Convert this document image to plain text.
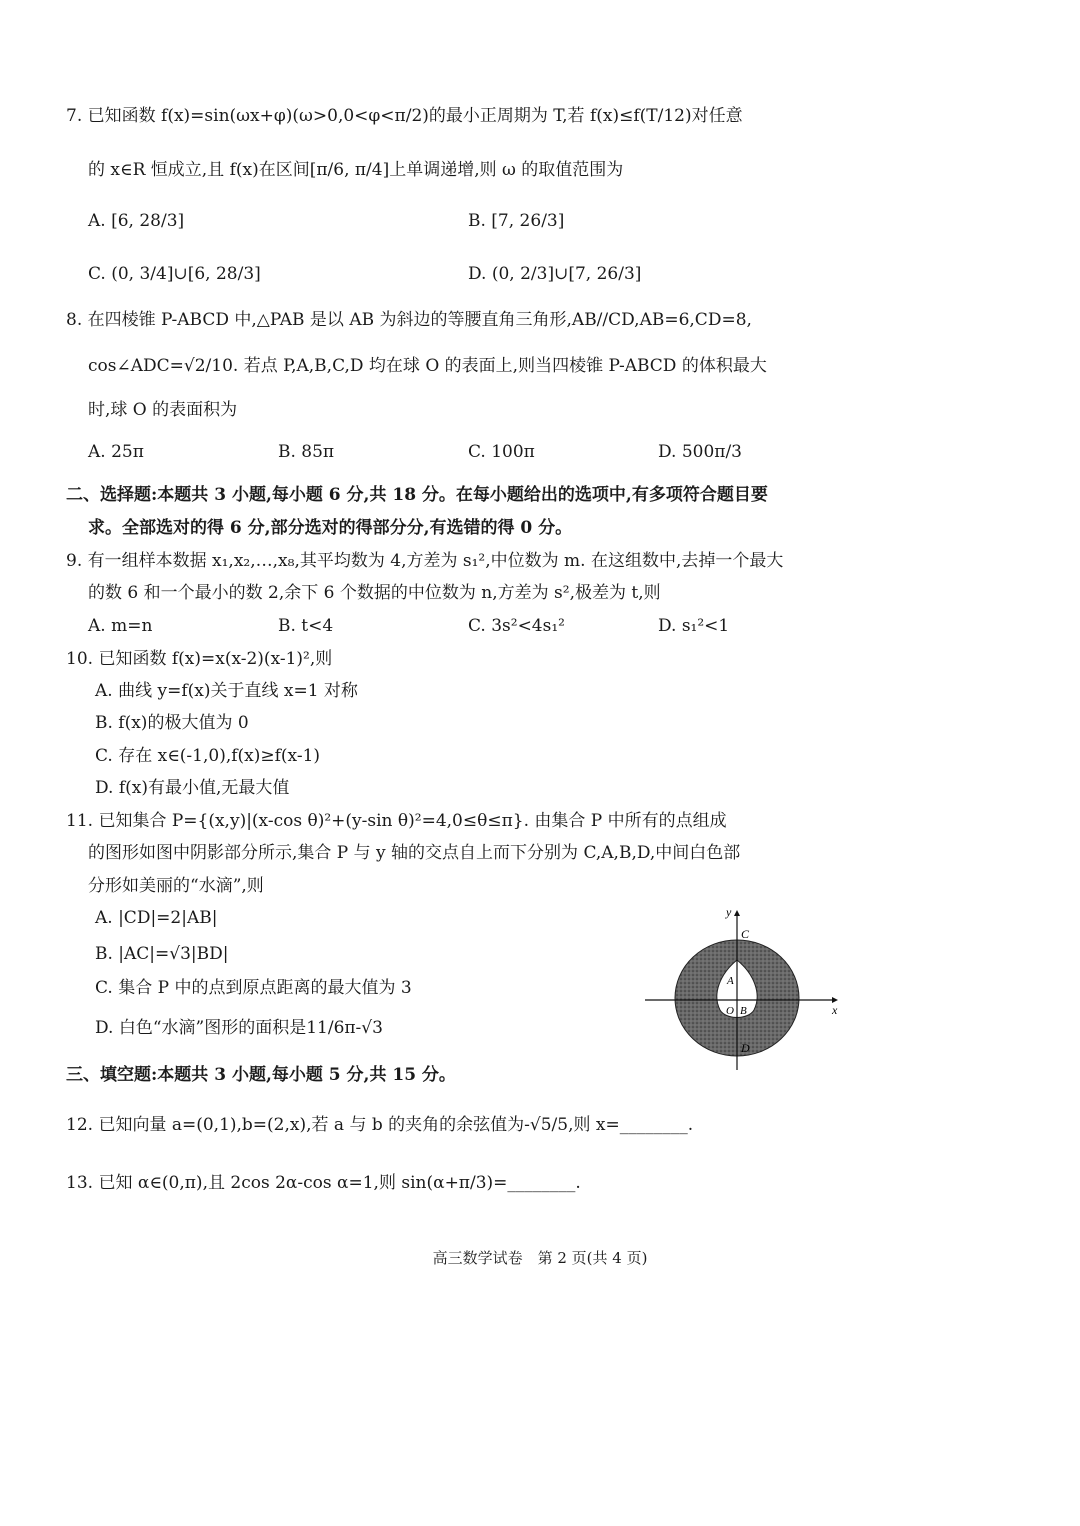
7. 已知函数 f(x)=sin(ωx+φ)(ω>0,0<φ<π/2)的最小正周期为 T,若 f(x)≤f(T/12)对任意
的 x∈R 恒成立,且 f(x)在区间[π/6, π/4]上单调递增,则 ω 的取值范围为
A. [6, 28/3]	B. [7, 26/3]
C. (0, 3/4]∪[6, 28/3]	D. (0, 2/3]∪[7, 26/3]
8. 在四棱锥 P-ABCD 中,△PAB 是以 AB 为斜边的等腰直角三角形,AB//CD,AB=6,CD=8,
cos∠ADC=√2/10. 若点 P,A,B,C,D 均在球 O 的表面上,则当四棱锥 P-ABCD 的体积最大
时,球 O 的表面积为
A. 25π	B. 85π	C. 100π	D. 500π/3
二、选择题:本题共 3 小题,每小题 6 分,共 18 分。在每小题给出的选项中,有多项符合题目要
求。全部选对的得 6 分,部分选对的得部分分,有选错的得 0 分。
9. 有一组样本数据 x₁,x₂,…,x₈,其平均数为 4,方差为 s₁²,中位数为 m. 在这组数中,去掉一个最大
的数 6 和一个最小的数 2,余下 6 个数据的中位数为 n,方差为 s²,极差为 t,则
A. m=n	B. t<4	C. 3s²<4s₁²	D. s₁²<1
10. 已知函数 f(x)=x(x-2)(x-1)²,则
A. 曲线 y=f(x)关于直线 x=1 对称
B. f(x)的极大值为 0
C. 存在 x∈(-1,0),f(x)≥f(x-1)
D. f(x)有最小值,无最大值
11. 已知集合 P={(x,y)|(x-cos θ)²+(y-sin θ)²=4,0≤θ≤π}. 由集合 P 中所有的点组成
的图形如图中阴影部分所示,集合 P 与 y 轴的交点自上而下分别为 C,A,B,D,中间白色部
分形如美丽的“水滴”,则
A. |CD|=2|AB|
B. |AC|=√3|BD|
C. 集合 P 中的点到原点距离的最大值为 3
D. 白色“水滴”图形的面积是11/6π-√3
y
x
C
A
O B
D
三、填空题:本题共 3 小题,每小题 5 分,共 15 分。
12. 已知向量 a=(0,1),b=(2,x),若 a 与 b 的夹角的余弦值为-√5/5,则 x=________.
13. 已知 α∈(0,π),且 2cos 2α-cos α=1,则 sin(α+π/3)=________.
高三数学试卷　第 2 页(共 4 页)
